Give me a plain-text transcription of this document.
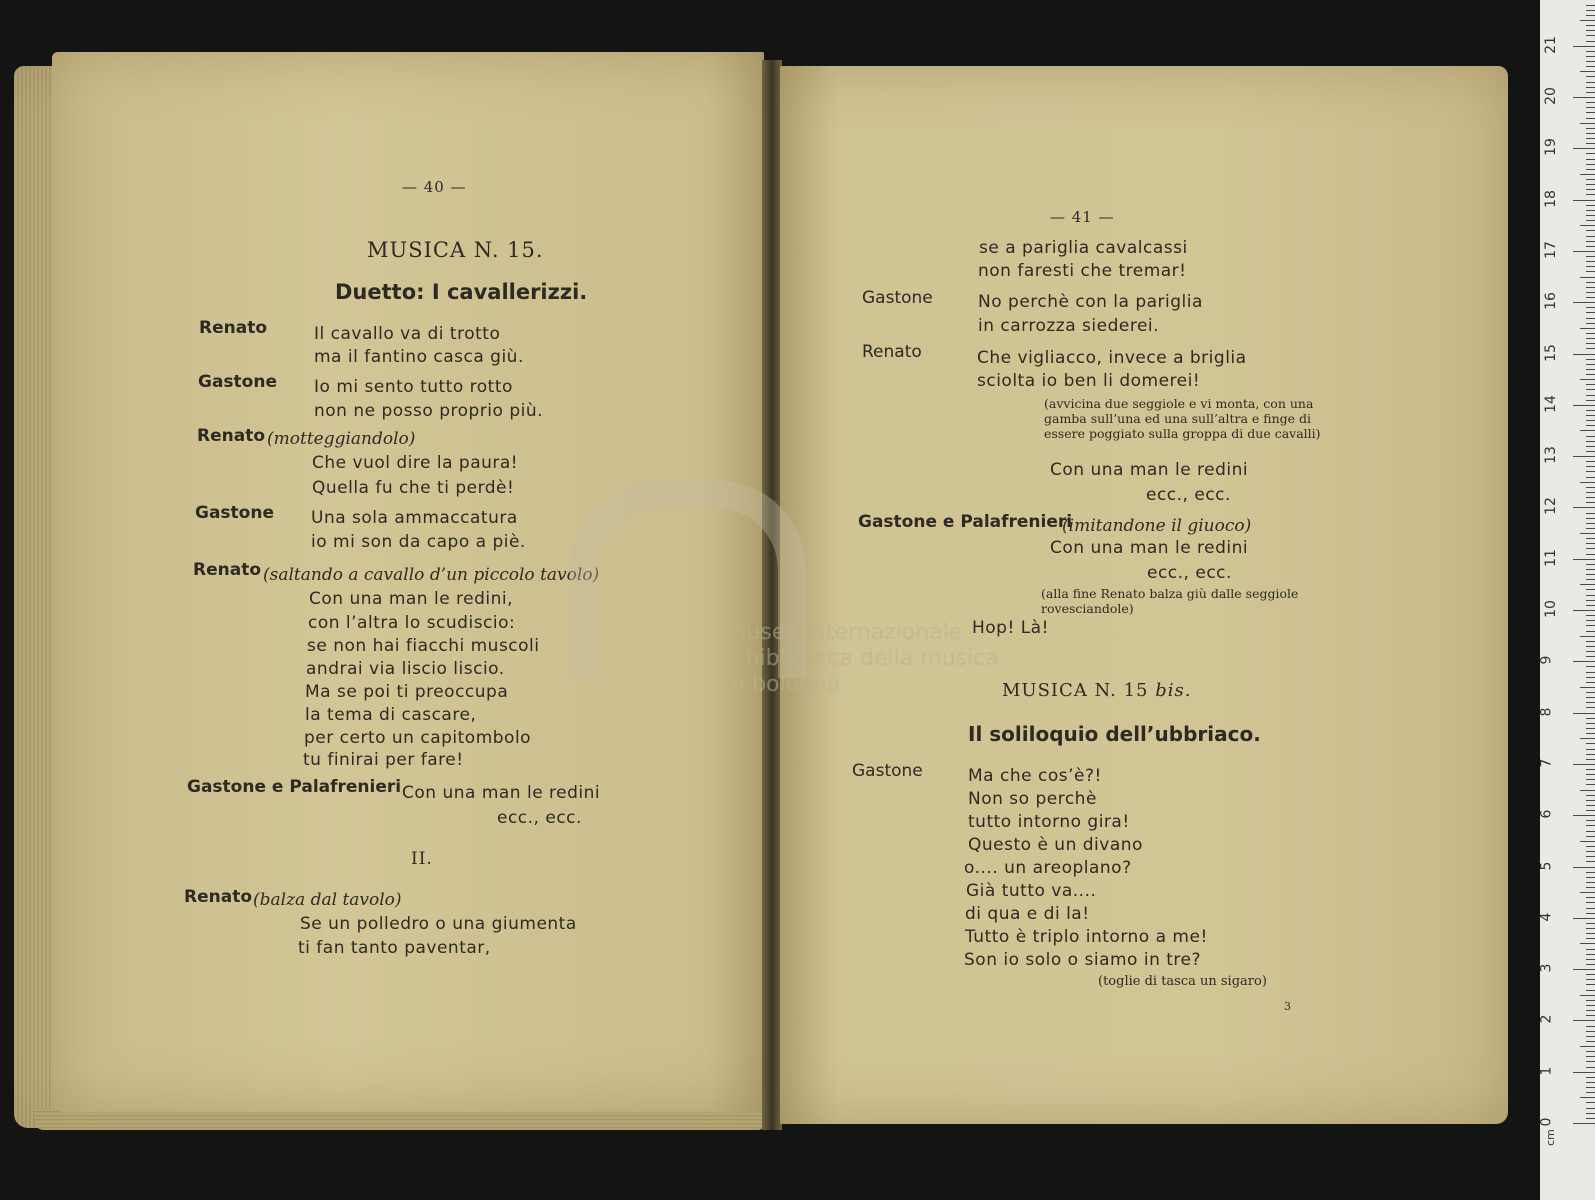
— 40 —
MUSICA N. 15.
Duetto: I cavallerizzi.
Renato	Il cavallo va di trotto
ma il fantino casca giù.
Gastone Io mi sento tutto rotto
non ne posso proprio più.
Renato (motteggiandolo)
Che vuol dire la paura!
Quella fu che ti perdè!
Gastone Una sola ammaccatura
io mi son da capo a piè.
Renato (saltando a cavallo d’un piccolo tavolo)
Con una man le redini,
con l’altra lo scudiscio:
se non hai fiacchi muscoli
andrai via liscio liscio.
Ma se poi ti preoccupa
la tema di cascare,
per certo un capitombolo
tu finirai per fare!
Gastone e Palafrenieri Con una man le redini
ecc., ecc.
II.
Renato (balza dal tavolo)
Se un polledro o una giumenta
ti fan tanto paventar,
— 41 —
se a pariglia cavalcassi
non faresti che tremar!
Gastone	No perchè con la pariglia
in carrozza siederei.
Renato	Che vigliacco, invece a briglia
sciolta io ben li domerei!
(avvicina due seggiole e vi monta, con una gamba sull’una ed una sull’altra e finge di essere poggiato sulla groppa di due cavalli)
Con una man le redini
ecc., ecc.
Gastone e Palafrenieri
(imitandone il giuoco)
Con una man le redini
ecc., ecc.
(alla fine Renato balza giù dalle seggiole rovesciandole)
Hop! Là!
MUSICA N. 15 bis.
Il soliloquio dell’ubbriaco.
Gastone	Ma che cos’è?!
Non so perchè
tutto intorno gira!
Questo è un divano
o.... un areoplano?
Già tutto va....
di qua e di la!
Tutto è triplo intorno a me!
Son io solo o siamo in tre?
(toglie di tasca un sigaro)
3
museo internazionale
e biblioteca della musica
di bologna
0
1
2
3
4
5
6
7
8
9
10
11
12
13
14
15
16
17
18
19
20
21
cm
